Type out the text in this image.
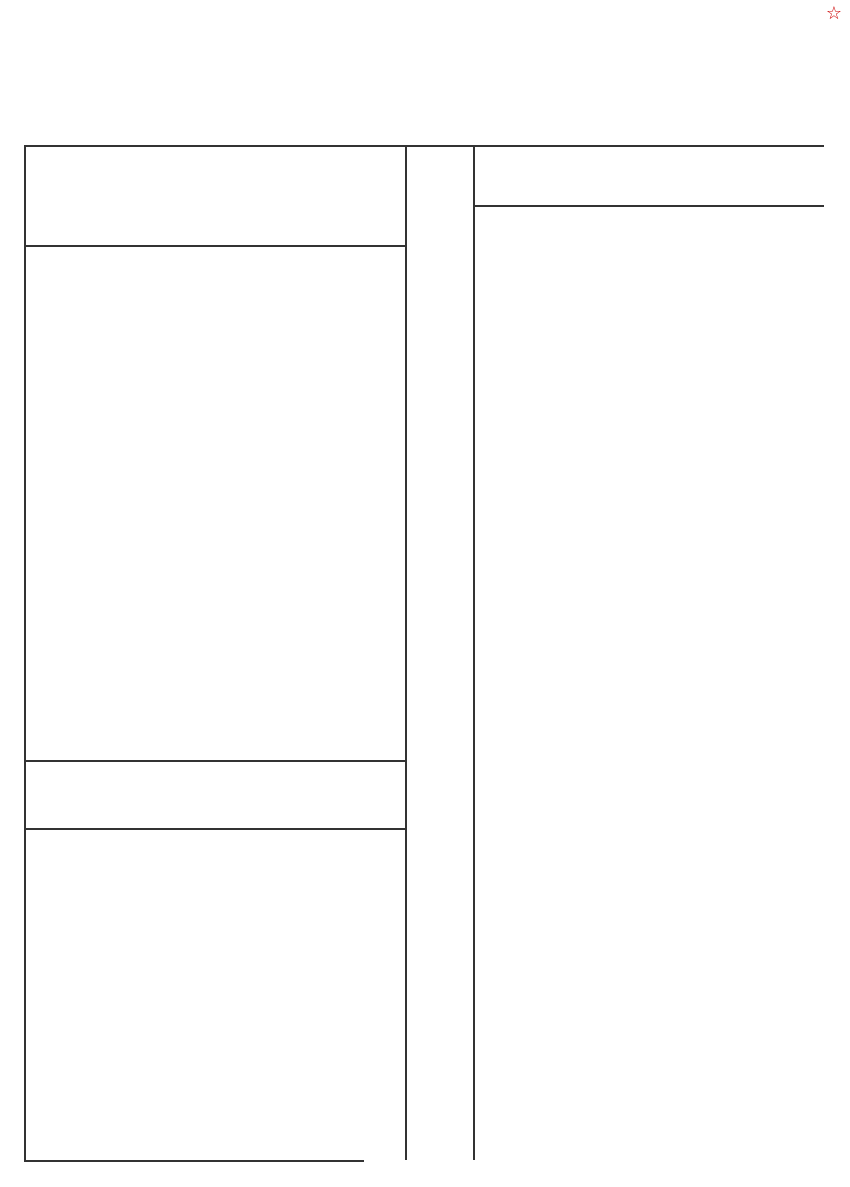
☆
